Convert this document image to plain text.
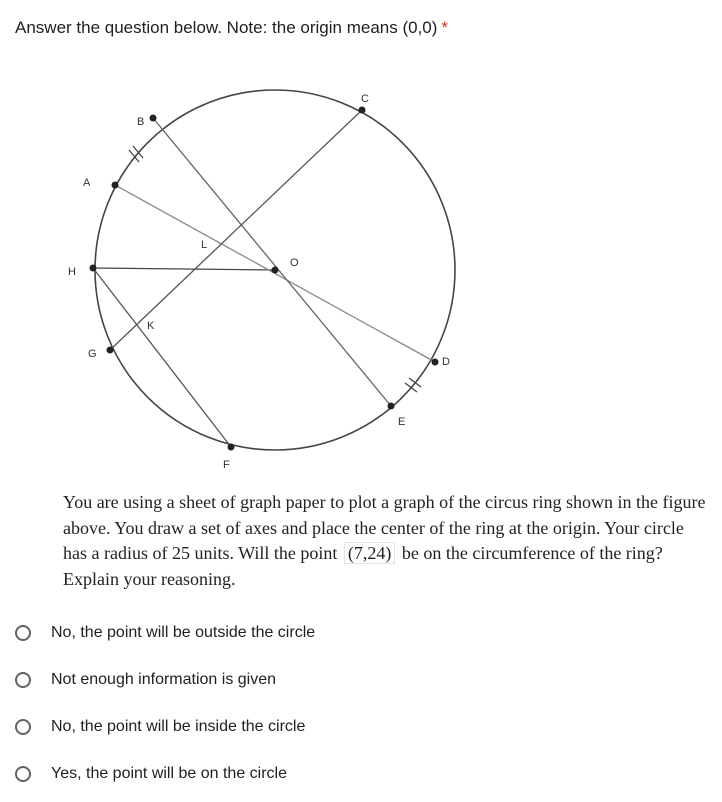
Answer the question below. Note: the origin means (0,0) *
B
C
A
L
O
H
K
G
D
E
F
You are using a sheet of graph paper to plot a graph of the circus ring shown in the figure above. You draw a set of axes and place the center of the ring at the origin. Your circle has a radius of 25 units. Will the point (7,24) be on the circumference of the ring? Explain your reasoning.
No, the point will be outside the circle
Not enough information is given
No, the point will be inside the circle
Yes, the point will be on the circle
